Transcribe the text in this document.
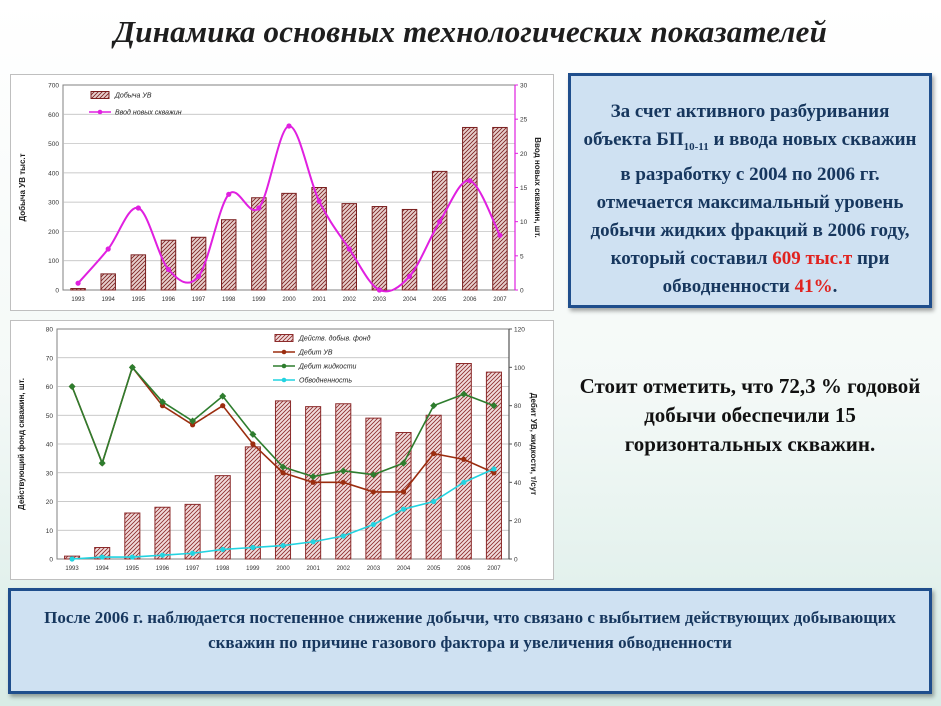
Динамика основных технологических показателей
0
100
200
300
400
500
600
700
0
5
10
15
20
25
30
1993	1994	1995	1996	1997	1998	1999	2000	2001	2002	2003	2004	2005	2006	2007
Добыча УВ тыс.т	Ввод новых скважин, шт.
Добыча УВ
Ввод новых скважин
0
10
20
30
40
50
60
70
80
0
20
40
60
80
100
120
1993	1994	1995	1996	1997	1998	1999	2000	2001	2002	2003	2004	2005	2006	2007
Действующий фонд скважин, шт.	Дебит УВ, жидкости, т/сут
Действ. добыв. фонд
Дебит УВ
Дебит жидкости
Обводненность
За счет активного разбуривания объекта $БП_{10-11}$ и ввода новых скважин в разработку с 2004 по 2006 гг. отмечается максимальный уровень добычи жидких фракций в 2006 году, который составил 609 тыс.т при обводненности 41%.
Стоит отметить, что 72,3 % годовой добычи обеспечили 15 горизонтальных скважин.
После 2006 г. наблюдается постепенное снижение добычи, что связано с выбытием действующих добывающих скважин по причине газового фактора и увеличения обводненности
